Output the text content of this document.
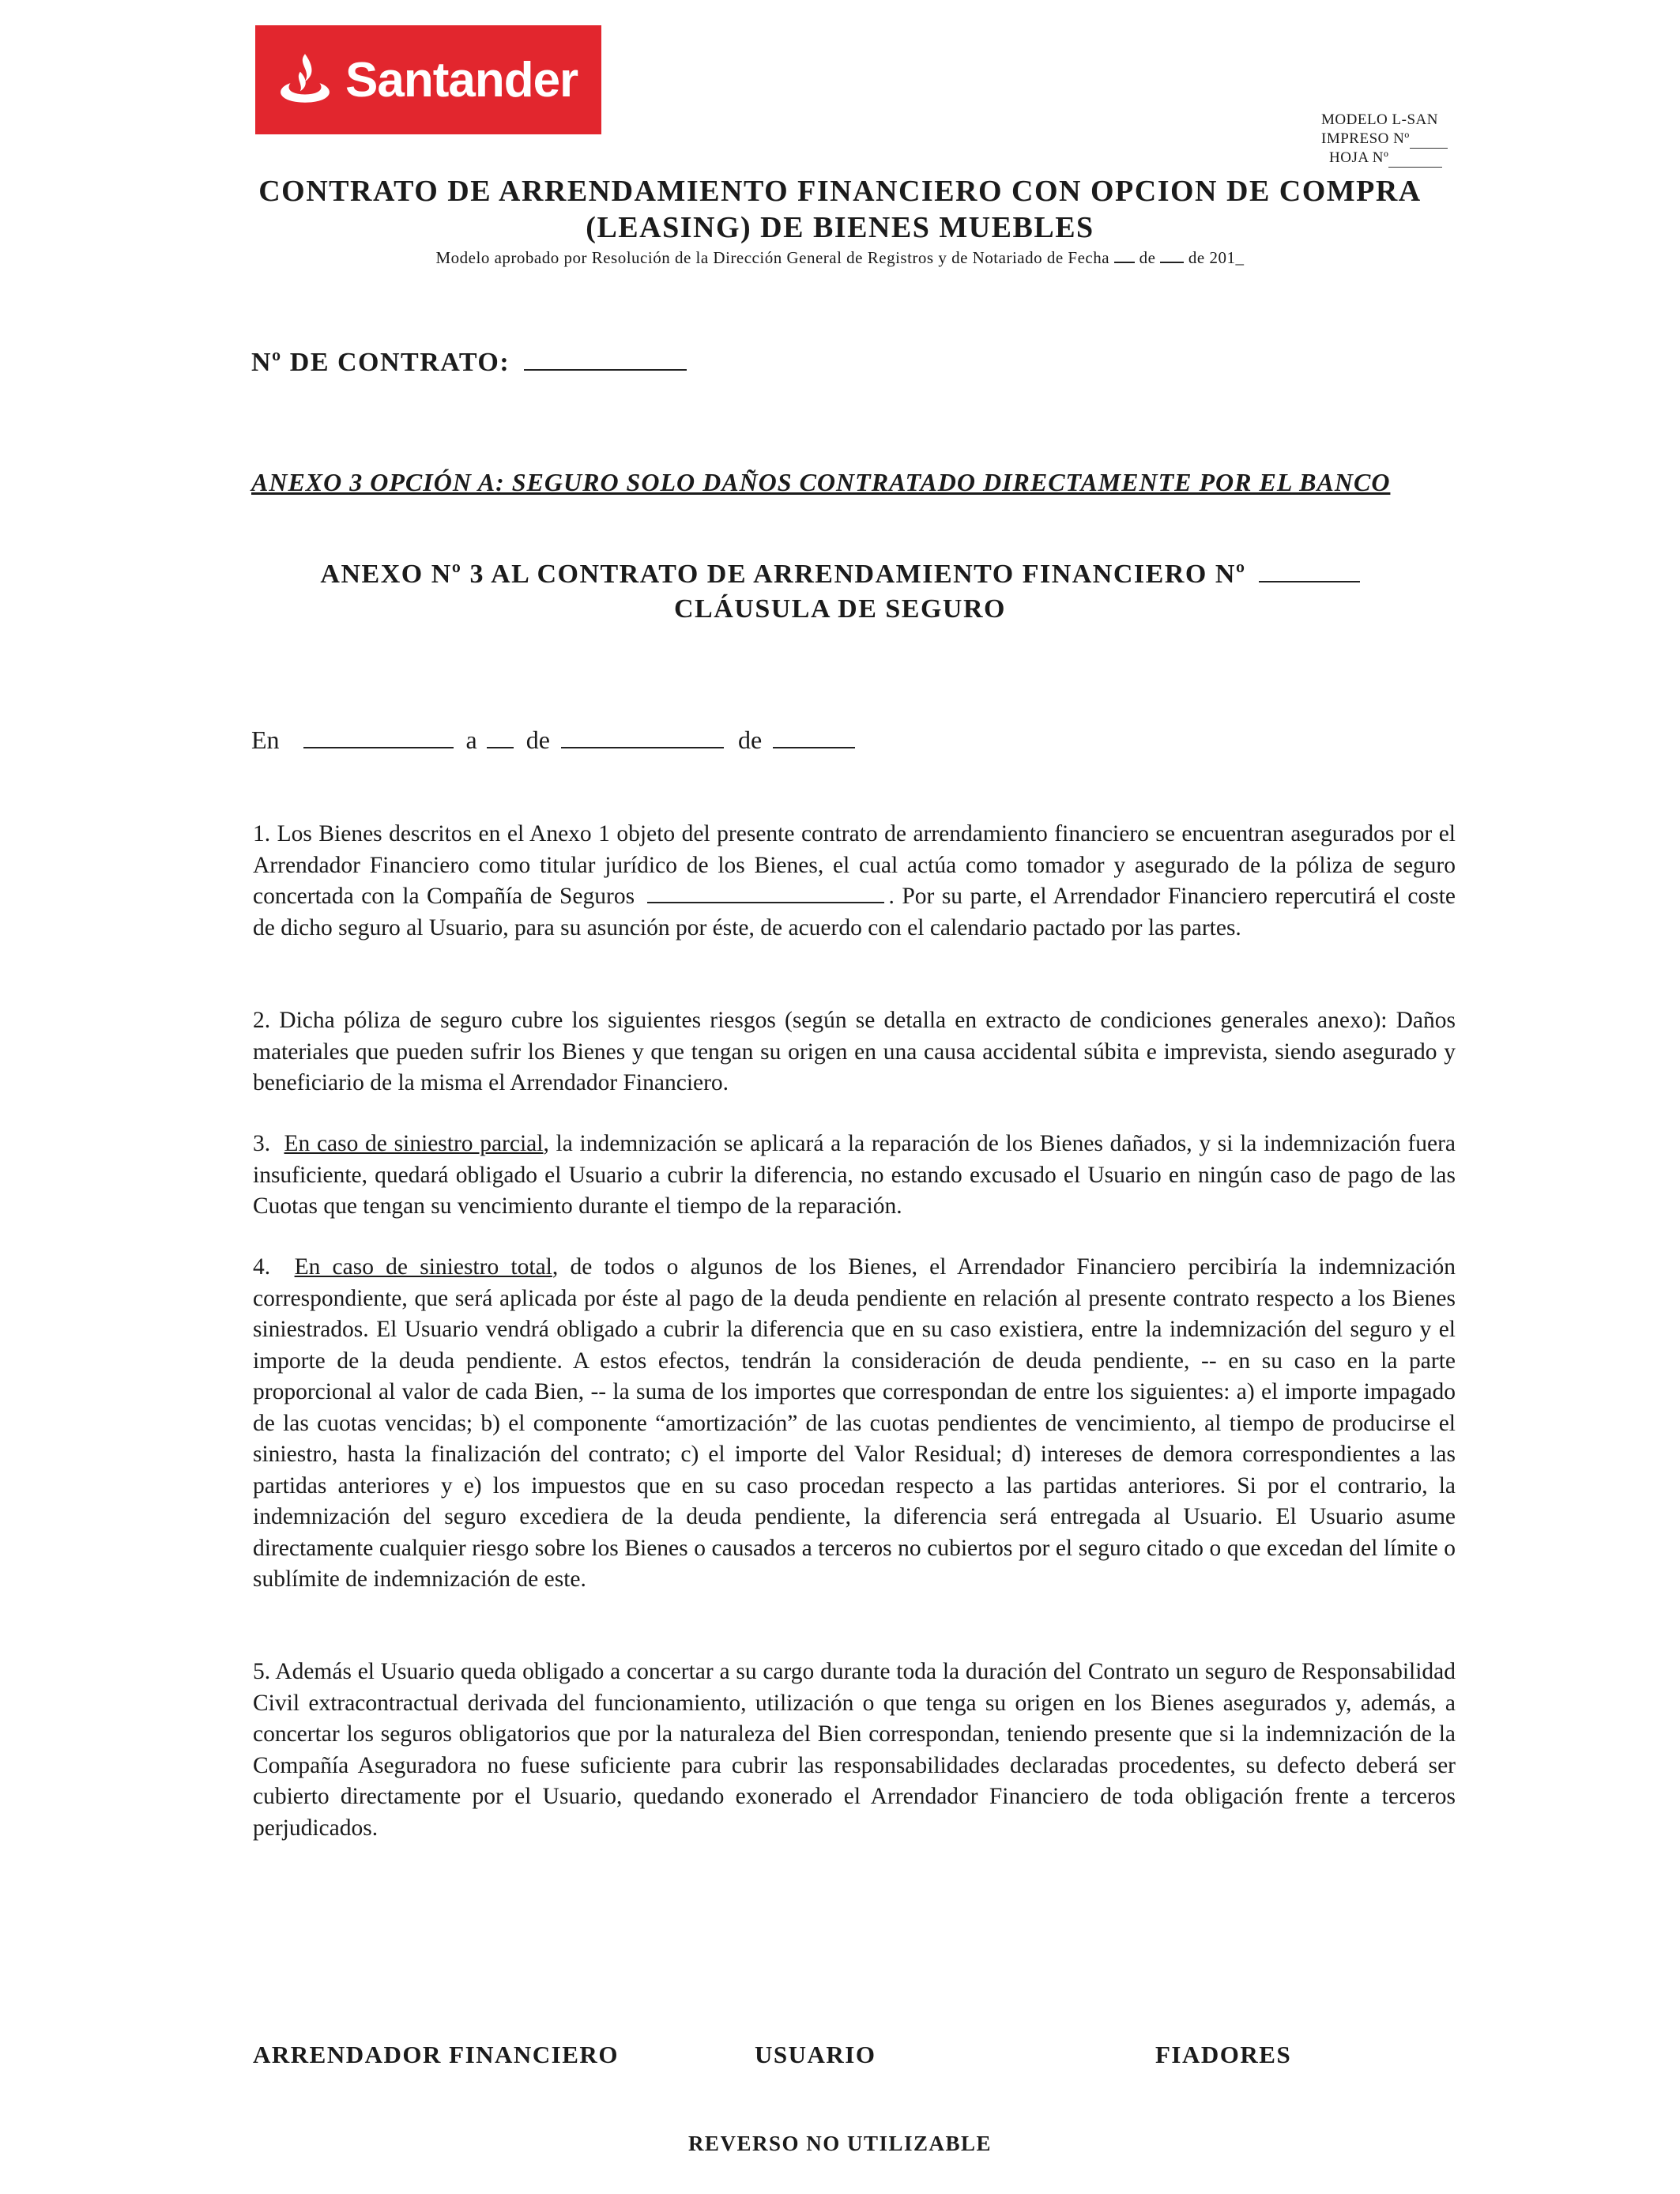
Santander
MODELO L-SAN
IMPRESO Nº
HOJA Nº
CONTRATO DE ARRENDAMIENTO FINANCIERO CON OPCION DE COMPRA
(LEASING) DE BIENES MUEBLES
Modelo aprobado por Resolución de la Dirección General de Registros y de Notariado de Fecha de de 201_
Nº DE CONTRATO:
ANEXO 3 OPCIÓN A: SEGURO SOLO DAÑOS CONTRATADO DIRECTAMENTE POR EL BANCO
ANEXO Nº 3 AL CONTRATO DE ARRENDAMIENTO FINANCIERO Nº
CLÁUSULA DE SEGURO
En	a de	de
1. Los Bienes descritos en el Anexo 1 objeto del presente contrato de arrendamiento financiero se encuentran asegurados por el Arrendador Financiero como titular jurídico de los Bienes, el cual actúa como tomador y asegurado de la póliza de seguro concertada con la Compañía de Seguros	. Por su parte, el Arrendador Financiero repercutirá el coste de dicho seguro al Usuario, para su asunción por éste, de acuerdo con el calendario pactado por las partes.
2. Dicha póliza de seguro cubre los siguientes riesgos (según se detalla en extracto de condiciones generales anexo): Daños materiales que pueden sufrir los Bienes y que tengan su origen en una causa accidental súbita e imprevista, siendo asegurado y beneficiario de la misma el Arrendador Financiero.
3. En caso de siniestro parcial, la indemnización se aplicará a la reparación de los Bienes dañados, y si la indemnización fuera insuficiente, quedará obligado el Usuario a cubrir la diferencia, no estando excusado el Usuario en ningún caso de pago de las Cuotas que tengan su vencimiento durante el tiempo de la reparación.
4. En caso de siniestro total, de todos o algunos de los Bienes, el Arrendador Financiero percibiría la indemnización correspondiente, que será aplicada por éste al pago de la deuda pendiente en relación al presente contrato respecto a los Bienes siniestrados. El Usuario vendrá obligado a cubrir la diferencia que en su caso existiera, entre la indemnización del seguro y el importe de la deuda pendiente. A estos efectos, tendrán la consideración de deuda pendiente, -- en su caso en la parte proporcional al valor de cada Bien, -- la suma de los importes que correspondan de entre los siguientes: a) el importe impagado de las cuotas vencidas; b) el componente “amortización” de las cuotas pendientes de vencimiento, al tiempo de producirse el siniestro, hasta la finalización del contrato; c) el importe del Valor Residual; d) intereses de demora correspondientes a las partidas anteriores y e) los impuestos que en su caso procedan respecto a las partidas anteriores. Si por el contrario, la indemnización del seguro excediera de la deuda pendiente, la diferencia será entregada al Usuario. El Usuario asume directamente cualquier riesgo sobre los Bienes o causados a terceros no cubiertos por el seguro citado o que excedan del límite o sublímite de indemnización de este.
5. Además el Usuario queda obligado a concertar a su cargo durante toda la duración del Contrato un seguro de Responsabilidad Civil extracontractual derivada del funcionamiento, utilización o que tenga su origen en los Bienes asegurados y, además, a concertar los seguros obligatorios que por la naturaleza del Bien correspondan, teniendo presente que si la indemnización de la Compañía Aseguradora no fuese suficiente para cubrir las responsabilidades declaradas procedentes, su defecto deberá ser cubierto directamente por el Usuario, quedando exonerado el Arrendador Financiero de toda obligación frente a terceros perjudicados.
ARRENDADOR FINANCIERO	USUARIO	FIADORES
REVERSO NO UTILIZABLE
